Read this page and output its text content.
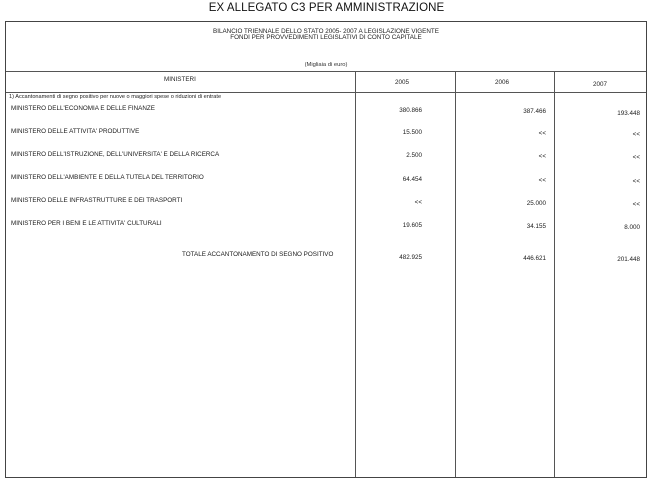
EX ALLEGATO C3 PER AMMINISTRAZIONE
BILANCIO TRIENNALE DELLO STATO 2005- 2007 A LEGISLAZIONE VIGENTE
FONDI PER PROVVEDIMENTI LEGISLATIVI DI CONTO CAPITALE
(Migliaia di euro)
MINISTERI	2005	2006	2007
1) Accantonamenti di segno positivo per nuove o maggiori spese o riduzioni di entrate
MINISTERO DELL'ECONOMIA E DELLE FINANZE	380.866	387.466	193.448
MINISTERO DELLE ATTIVITA' PRODUTTIVE	15.500	<<	<<
MINISTERO DELL'ISTRUZIONE, DELL'UNIVERSITA' E DELLA RICERCA	2.500	<<	<<
MINISTERO DELL'AMBIENTE E DELLA TUTELA DEL TERRITORIO	64.454	<<	<<
MINISTERO DELLE INFRASTRUTTURE E DEI TRASPORTI	<<	25.000	<<
MINISTERO PER I BENI E LE ATTIVITA' CULTURALI	19.605	34.155	8.000
TOTALE ACCANTONAMENTO DI SEGNO POSITIVO	482.925	446.621	201.448
